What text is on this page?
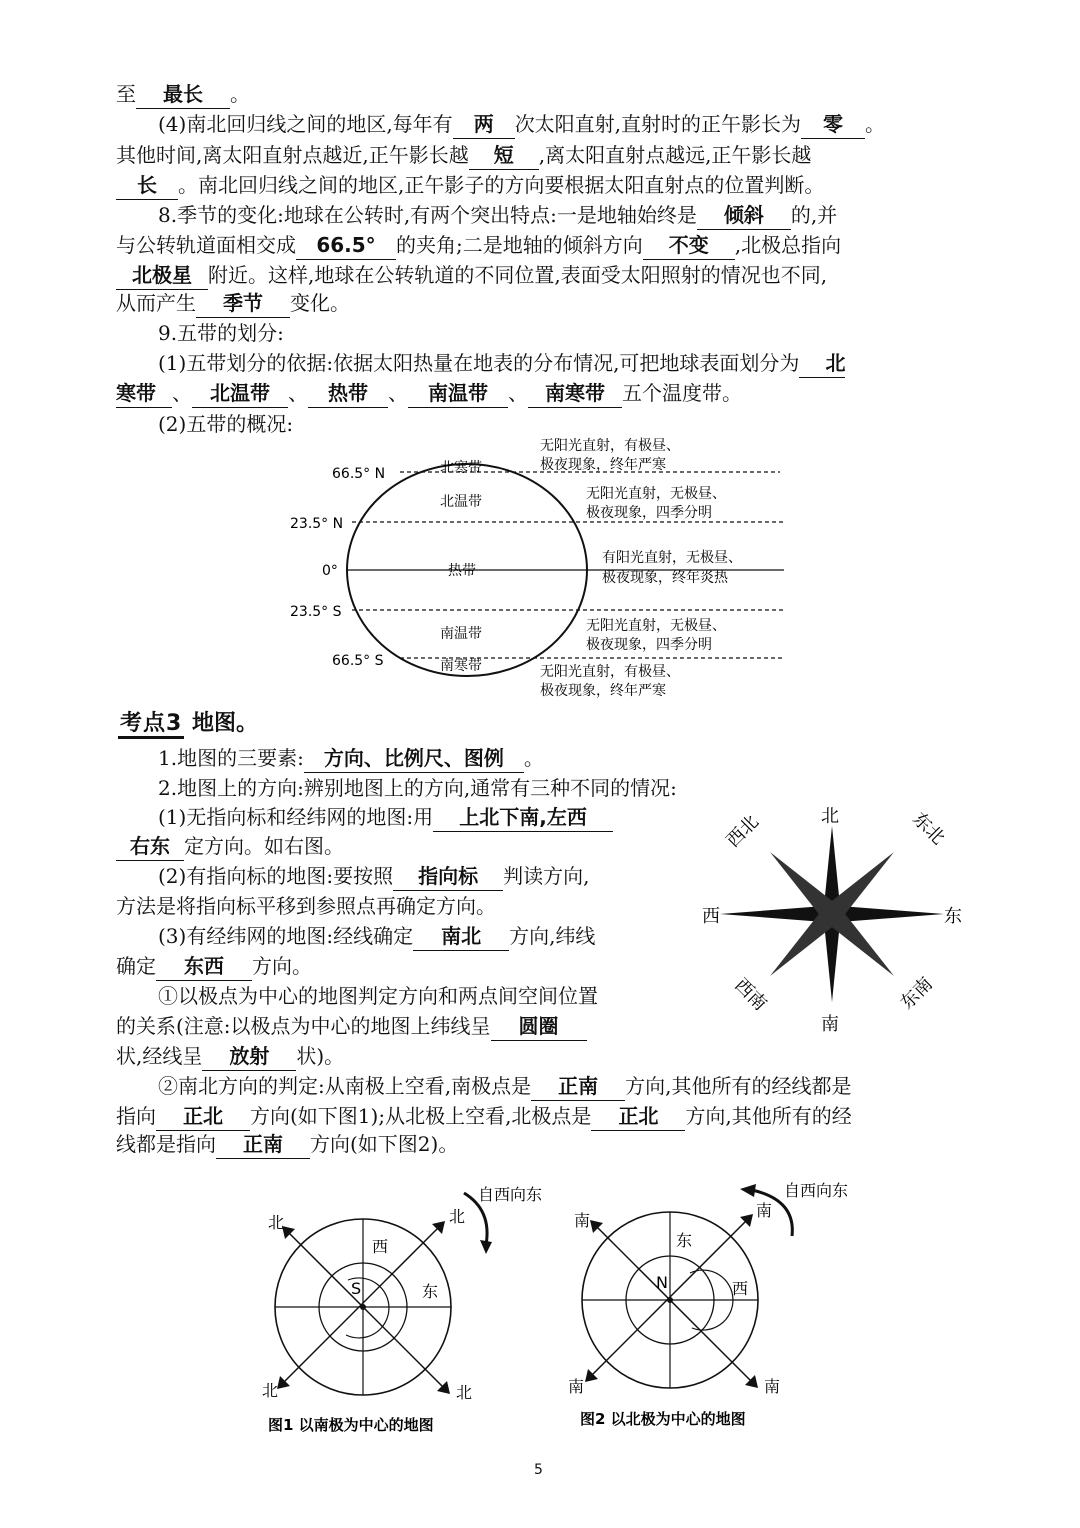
至 最长 。
(4)南北回归线之间的地区,每年有 两 次太阳直射,直射时的正午影长为 零 。
其他时间,离太阳直射点越近,正午影长越 短 ,离太阳直射点越远,正午影长越
长 。南北回归线之间的地区,正午影子的方向要根据太阳直射点的位置判断。
8.季节的变化:地球在公转时,有两个突出特点:一是地轴始终是 倾斜 的,并
与公转轨道面相交成 66.5° 的夹角;二是地轴的倾斜方向 不变 ,北极总指向
北极星 附近。这样,地球在公转轨道的不同位置,表面受太阳照射的情况也不同,
从而产生 季节 变化。
9.五带的划分:
(1)五带划分的依据:依据太阳热量在地表的分布情况,可把地球表面划分为 北
寒带 、 北温带 、 热带 、 南温带 、 南寒带 五个温度带。
(2)五带的概况:
66.5° N
23.5° N
0°
23.5° S
66.5° S
北寒带
北温带
热带
南温带
南寒带
无阳光直射，有极昼、
极夜现象，终年严寒
无阳光直射，无极昼、
极夜现象，四季分明
有阳光直射，无极昼、
极夜现象，终年炎热
无阳光直射，无极昼、
极夜现象，四季分明
无阳光直射，有极昼、
极夜现象，终年严寒
北
南
东
西
西北	东北
西南	东南
自西向东
北	北
北	北
西
东
S
图1 以南极为中心的地图
自西向东
南
南
南	南
东
西
N
图2 以北极为中心的地图
考点3 地图。
1.地图的三要素: 方向、比例尺、图例 。
2.地图上的方向:辨别地图上的方向,通常有三种不同的情况:
(1)无指向标和经纬网的地图:用 上北下南,左西
右东 定方向。如右图。
(2)有指向标的地图:要按照 指向标 判读方向,
方法是将指向标平移到参照点再确定方向。
(3)有经纬网的地图:经线确定 南北 方向,纬线
确定 东西 方向。
①以极点为中心的地图判定方向和两点间空间位置
的关系(注意:以极点为中心的地图上纬线呈 圆圈
状,经线呈 放射 状)。
②南北方向的判定:从南极上空看,南极点是 正南 方向,其他所有的经线都是
指向 正北 方向(如下图1);从北极上空看,北极点是 正北 方向,其他所有的经
线都是指向 正南 方向(如下图2)。
5
